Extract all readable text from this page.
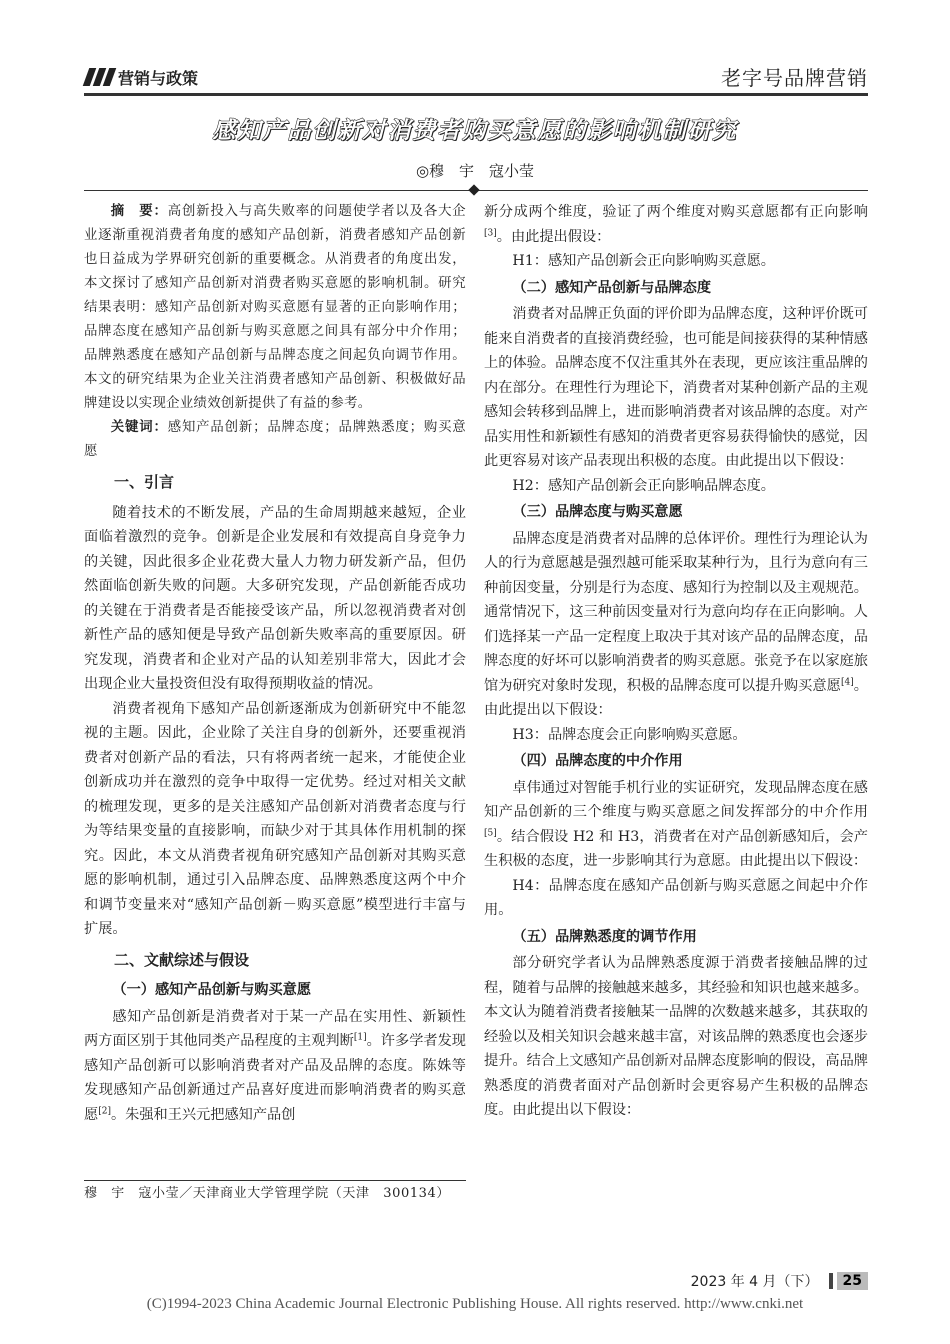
营销与政策	老字号品牌营销
感知产品创新对消费者购买意愿的影响机制研究
◎穆　宇　寇小莹

摘　要：高创新投入与高失败率的问题使学者以及各大企业逐渐重视消费者角度的感知产品创新，消费者感知产品创新也日益成为学界研究创新的重要概念。从消费者的角度出发，本文探讨了感知产品创新对消费者购买意愿的影响机制。研究结果表明：感知产品创新对购买意愿有显著的正向影响作用；品牌态度在感知产品创新与购买意愿之间具有部分中介作用；品牌熟悉度在感知产品创新与品牌态度之间起负向调节作用。本文的研究结果为企业关注消费者感知产品创新、积极做好品牌建设以实现企业绩效创新提供了有益的参考。

关键词：感知产品创新；品牌态度；品牌熟悉度；购买意愿

一、引言

随着技术的不断发展，产品的生命周期越来越短，企业面临着激烈的竞争。创新是企业发展和有效提高自身竞争力的关键，因此很多企业花费大量人力物力研发新产品，但仍然面临创新失败的问题。大多研究发现，产品创新能否成功的关键在于消费者是否能接受该产品，所以忽视消费者对创新性产品的感知便是导致产品创新失败率高的重要原因。研究发现，消费者和企业对产品的认知差别非常大，因此才会出现企业大量投资但没有取得预期收益的情况。

消费者视角下感知产品创新逐渐成为创新研究中不能忽视的主题。因此，企业除了关注自身的创新外，还要重视消费者对创新产品的看法，只有将两者统一起来，才能使企业创新成功并在激烈的竞争中取得一定优势。经过对相关文献的梳理发现，更多的是关注感知产品创新对消费者态度与行为等结果变量的直接影响，而缺少对于其具体作用机制的探究。因此，本文从消费者视角研究感知产品创新对其购买意愿的影响机制，通过引入品牌态度、品牌熟悉度这两个中介和调节变量来对“感知产品创新－购买意愿”模型进行丰富与扩展。

二、文献综述与假设
（一）感知产品创新与购买意愿

感知产品创新是消费者对于某一产品在实用性、新颖性两方面区别于其他同类产品程度的主观判断[1]。许多学者发现感知产品创新可以影响消费者对产品及品牌的态度。陈姝等发现感知产品创新通过产品喜好度进而影响消费者的购买意愿[2]。朱强和王兴元把感知产品创

穆　宇　寇小莹／天津商业大学管理学院（天津　300134）

新分成两个维度，验证了两个维度对购买意愿都有正向影响[3]。由此提出假设：

H1：感知产品创新会正向影响购买意愿。

（二）感知产品创新与品牌态度

消费者对品牌正负面的评价即为品牌态度，这种评价既可能来自消费者的直接消费经验，也可能是间接获得的某种情感上的体验。品牌态度不仅注重其外在表现，更应该注重品牌的内在部分。在理性行为理论下，消费者对某种创新产品的主观感知会转移到品牌上，进而影响消费者对该品牌的态度。对产品实用性和新颖性有感知的消费者更容易获得愉快的感觉，因此更容易对该产品表现出积极的态度。由此提出以下假设：

H2：感知产品创新会正向影响品牌态度。

（三）品牌态度与购买意愿

品牌态度是消费者对品牌的总体评价。理性行为理论认为人的行为意愿越是强烈越可能采取某种行为，且行为意向有三种前因变量，分别是行为态度、感知行为控制以及主观规范。通常情况下，这三种前因变量对行为意向均存在正向影响。人们选择某一产品一定程度上取决于其对该产品的品牌态度，品牌态度的好坏可以影响消费者的购买意愿。张竞予在以家庭旅馆为研究对象时发现，积极的品牌态度可以提升购买意愿[4]。由此提出以下假设：

H3：品牌态度会正向影响购买意愿。

（四）品牌态度的中介作用

卓伟通过对智能手机行业的实证研究，发现品牌态度在感知产品创新的三个维度与购买意愿之间发挥部分的中介作用[5]。结合假设 H2 和 H3，消费者在对产品创新感知后，会产生积极的态度，进一步影响其行为意愿。由此提出以下假设：

H4：品牌态度在感知产品创新与购买意愿之间起中介作用。

（五）品牌熟悉度的调节作用

部分研究学者认为品牌熟悉度源于消费者接触品牌的过程，随着与品牌的接触越来越多，其经验和知识也越来越多。本文认为随着消费者接触某一品牌的次数越来越多，其获取的经验以及相关知识会越来越丰富，对该品牌的熟悉度也会逐步提升。结合上文感知产品创新对品牌态度影响的假设，高品牌熟悉度的消费者面对产品创新时会更容易产生积极的品牌态度。由此提出以下假设：

2023 年 4 月（下）	25
(C)1994-2023 China Academic Journal Electronic Publishing House. All rights reserved. http://www.cnki.net
